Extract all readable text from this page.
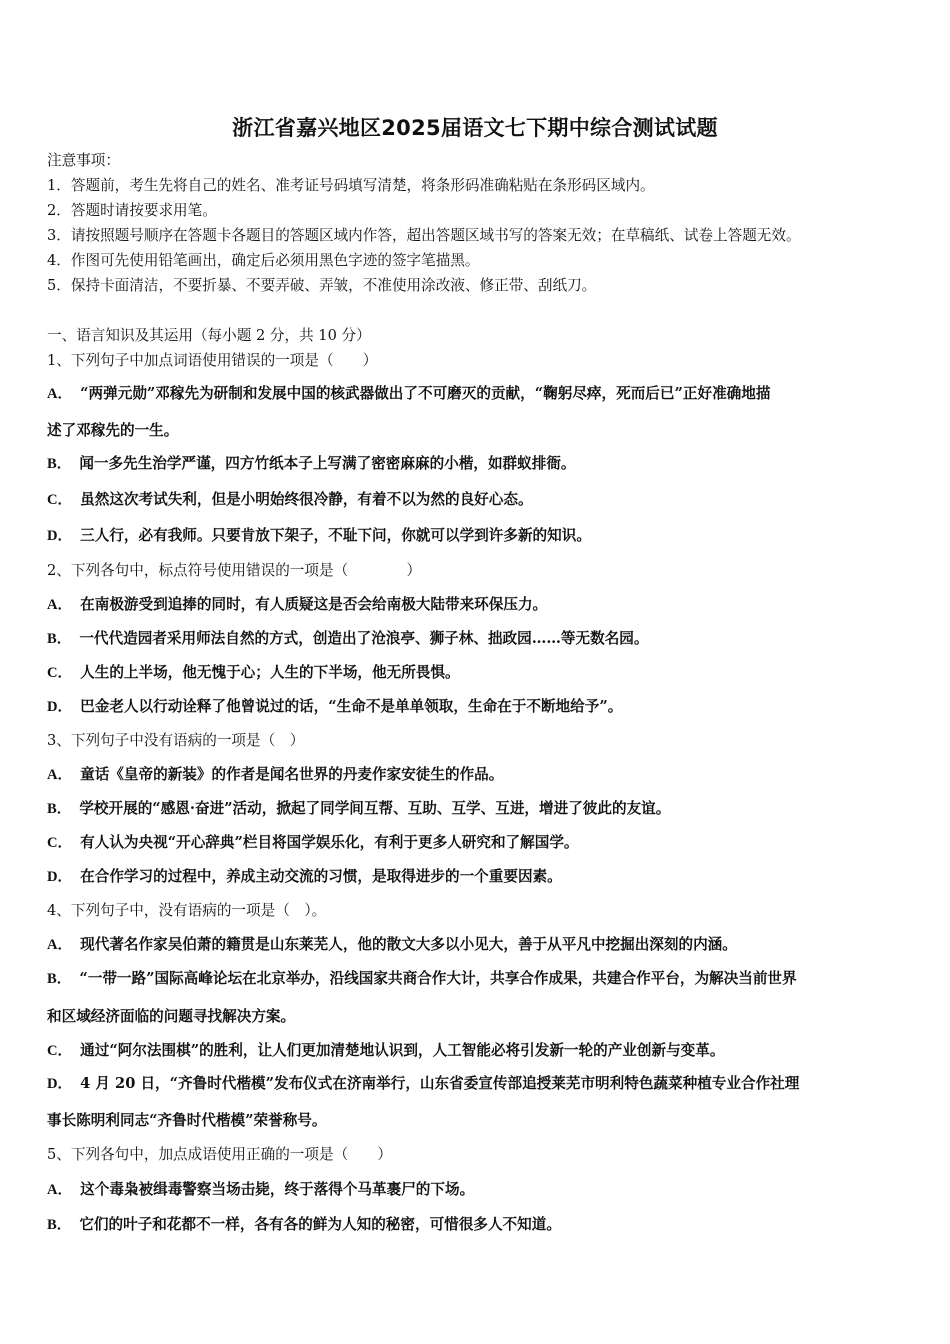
浙江省嘉兴地区2025届语文七下期中综合测试试题
注意事项：
1．答题前，考生先将自己的姓名、准考证号码填写清楚，将条形码准确粘贴在条形码区域内。
2．答题时请按要求用笔。
3．请按照题号顺序在答题卡各题目的答题区域内作答，超出答题区域书写的答案无效；在草稿纸、试卷上答题无效。
4．作图可先使用铅笔画出，确定后必须用黑色字迹的签字笔描黑。
5．保持卡面清洁，不要折暴、不要弄破、弄皱，不准使用涂改液、修正带、刮纸刀。
一、语言知识及其运用（每小题 2 分，共 10 分）
1、下列句子中加点词语使用错误的一项是（　　）
A． “两弹元勋”邓稼先为研制和发展中国的核武器做出了不可磨灭的贡献，“鞠躬尽瘁，死而后已”正好准确地描
述了邓稼先的一生。
B． 闻一多先生治学严谨，四方竹纸本子上写满了密密麻麻的小楷，如群蚁排衙。
C． 虽然这次考试失利，但是小明始终很冷静，有着不以为然的良好心态。
D． 三人行，必有我师。只要肯放下架子，不耻下问，你就可以学到许多新的知识。
2、下列各句中，标点符号使用错误的一项是（　　　　）
A． 在南极游受到追捧的同时，有人质疑这是否会给南极大陆带来环保压力。
B． 一代代造园者采用师法自然的方式，创造出了沧浪亭、狮子林、拙政园……等无数名园。
C． 人生的上半场，他无愧于心；人生的下半场，他无所畏惧。
D． 巴金老人以行动诠释了他曾说过的话，“生命不是单单领取，生命在于不断地给予”。
3、下列句子中没有语病的一项是（　）
A． 童话《皇帝的新装》的作者是闻名世界的丹麦作家安徒生的作品。
B． 学校开展的“感恩·奋进”活动，掀起了同学间互帮、互助、互学、互进，增进了彼此的友谊。
C． 有人认为央视“开心辞典”栏目将国学娱乐化，有利于更多人研究和了解国学。
D． 在合作学习的过程中，养成主动交流的习惯，是取得进步的一个重要因素。
4、下列句子中，没有语病的一项是（　）。
A． 现代著名作家吴伯萧的籍贯是山东莱芜人，他的散文大多以小见大，善于从平凡中挖掘出深刻的内涵。
B． “一带一路”国际高峰论坛在北京举办，沿线国家共商合作大计，共享合作成果，共建合作平台，为解决当前世界
和区域经济面临的问题寻找解决方案。
C． 通过“阿尔法围棋”的胜利，让人们更加清楚地认识到，人工智能必将引发新一轮的产业创新与变革。
D． 4 月 20 日，“齐鲁时代楷模”发布仪式在济南举行，山东省委宣传部追授莱芜市明利特色蔬菜种植专业合作社理
事长陈明利同志“齐鲁时代楷模”荣誉称号。
5、下列各句中，加点成语使用正确的一项是（　　）
A． 这个毒枭被缉毒警察当场击毙，终于落得个马革裹尸的下场。
B． 它们的叶子和花都不一样，各有各的鲜为人知的秘密，可惜很多人不知道。
